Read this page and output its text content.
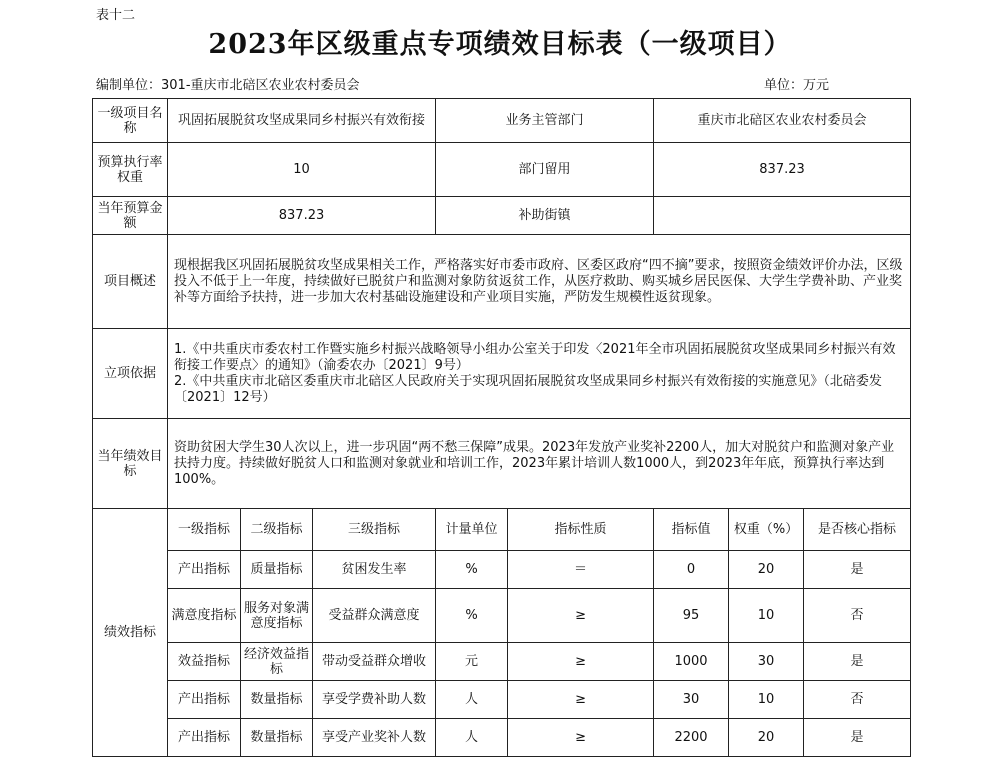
表十二
2023年区级重点专项绩效目标表（一级项目）
编制单位：301-重庆市北碚区农业农村委员会	单位：万元
一级项目名称	巩固拓展脱贫攻坚成果同乡村振兴有效衔接			业务主管部门		重庆市北碚区农业农村委员会		
预算执行率权重	10			部门留用		837.23		
当年预算金额	837.23			补助街镇				
项目概述	现根据我区巩固拓展脱贫攻坚成果相关工作，严格落实好市委市政府、区委区政府“四不摘”要求，按照资金绩效评价办法，区级投入不低于上一年度，持续做好已脱贫户和监测对象防贫返贫工作，从医疗救助、购买城乡居民医保、大学生学费补助、产业奖补等方面给予扶持，进一步加大农村基础设施建设和产业项目实施，严防发生规模性返贫现象。							
立项依据	1.《中共重庆市委农村工作暨实施乡村振兴战略领导小组办公室关于印发〈2021年全市巩固拓展脱贫攻坚成果同乡村振兴有效衔接工作要点〉的通知》（渝委农办〔2021〕9号）
2.《中共重庆市北碚区委重庆市北碚区人民政府关于实现巩固拓展脱贫攻坚成果同乡村振兴有效衔接的实施意见》（北碚委发〔2021〕12号）							

当年绩效目标	资助贫困大学生30人次以上，进一步巩固“两不愁三保障”成果。2023年发放产业奖补2200人，加大对脱贫户和监测对象产业扶持力度。持续做好脱贫人口和监测对象就业和培训工作，2023年累计培训人数1000人，到2023年年底，预算执行率达到100%。							
绩效指标	一级指标	二级指标	三级指标	计量单位	指标性质	指标值	权重（%）	是否核心指标
	产出指标	质量指标	贫困发生率	%	＝	0	20	是
	满意度指标	服务对象满意度指标	受益群众满意度	%	≥	95	10	否
	效益指标	经济效益指标	带动受益群众增收	元	≥	1000	30	是
	产出指标	数量指标	享受学费补助人数	人	≥	30	10	否
	产出指标	数量指标	享受产业奖补人数	人	≥	2200	20	是
